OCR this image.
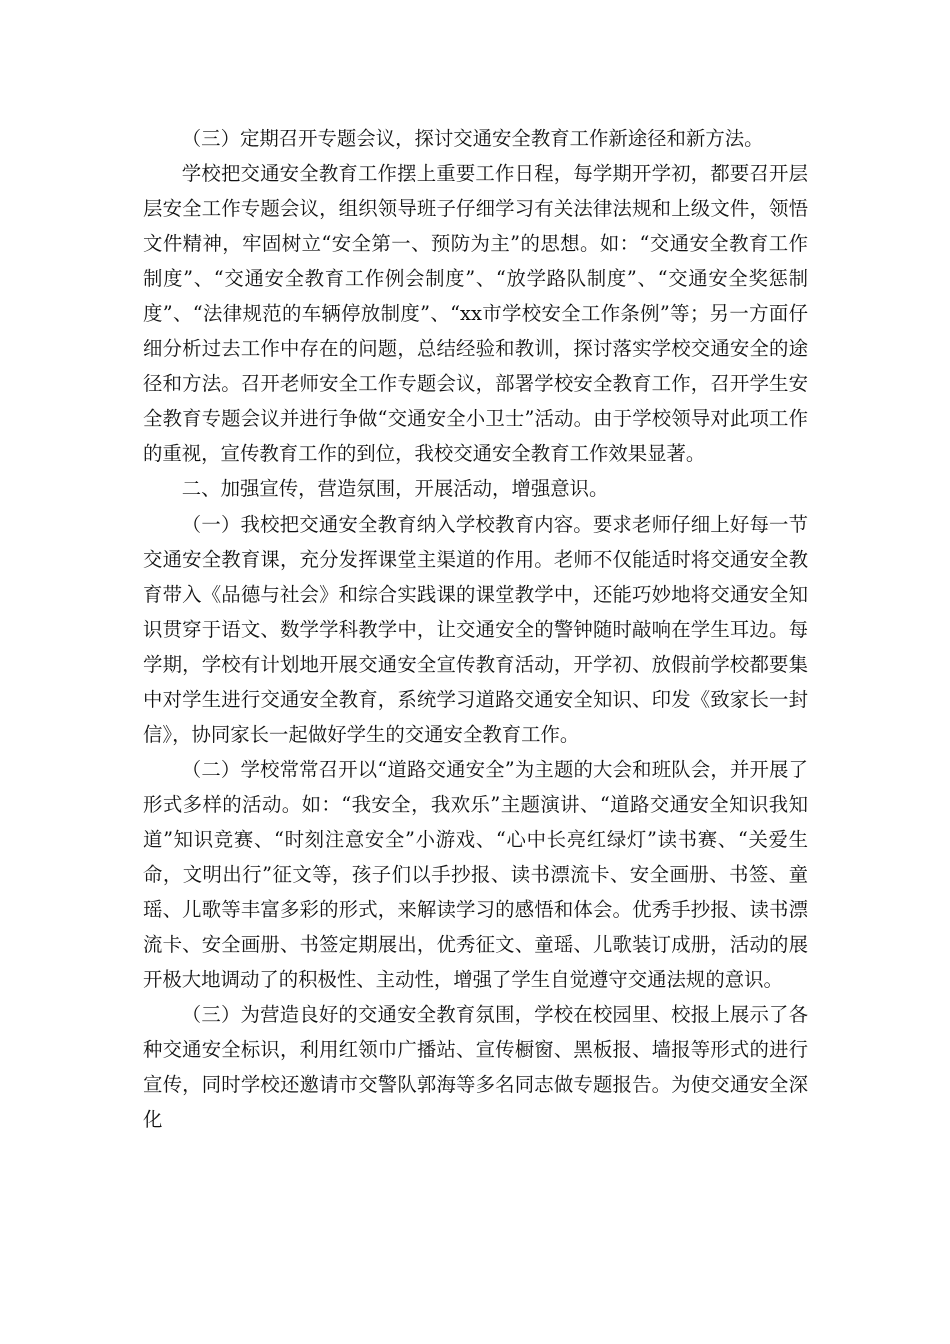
（三）定期召开专题会议，探讨交通安全教育工作新途径和新方法。

学校把交通安全教育工作摆上重要工作日程，每学期开学初，都要召开层层安全工作专题会议，组织领导班子仔细学习有关法律法规和上级文件，领悟文件精神，牢固树立“安全第一、预防为主”的思想。如：“交通安全教育工作制度”、“交通安全教育工作例会制度”、“放学路队制度”、“交通安全奖惩制度”、“法律规范的车辆停放制度”、“xx市学校安全工作条例”等；另一方面仔细分析过去工作中存在的问题，总结经验和教训，探讨落实学校交通安全的途径和方法。召开老师安全工作专题会议，部署学校安全教育工作，召开学生安全教育专题会议并进行争做“交通安全小卫士”活动。由于学校领导对此项工作的重视，宣传教育工作的到位，我校交通安全教育工作效果显著。

二、加强宣传，营造氛围，开展活动，增强意识。

（一）我校把交通安全教育纳入学校教育内容。要求老师仔细上好每一节交通安全教育课，充分发挥课堂主渠道的作用。老师不仅能适时将交通安全教育带入《品德与社会》和综合实践课的课堂教学中，还能巧妙地将交通安全知识贯穿于语文、数学学科教学中，让交通安全的警钟随时敲响在学生耳边。每学期，学校有计划地开展交通安全宣传教育活动，开学初、放假前学校都要集中对学生进行交通安全教育，系统学习道路交通安全知识、印发《致家长一封信》，协同家长一起做好学生的交通安全教育工作。

（二）学校常常召开以“道路交通安全”为主题的大会和班队会，并开展了形式多样的活动。如：“我安全，我欢乐”主题演讲、“道路交通安全知识我知道”知识竞赛、“时刻注意安全”小游戏、“心中长亮红绿灯”读书赛、“关爱生命，文明出行”征文等，孩子们以手抄报、读书漂流卡、安全画册、书签、童瑶、儿歌等丰富多彩的形式，来解读学习的感悟和体会。优秀手抄报、读书漂流卡、安全画册、书签定期展出，优秀征文、童瑶、儿歌装订成册，活动的展开极大地调动了的积极性、主动性，增强了学生自觉遵守交通法规的意识。

（三）为营造良好的交通安全教育氛围，学校在校园里、校报上展示了各种交通安全标识，利用红领巾广播站、宣传橱窗、黑板报、墙报等形式的进行宣传，同时学校还邀请市交警队郭海等多名同志做专题报告。为使交通安全深化
